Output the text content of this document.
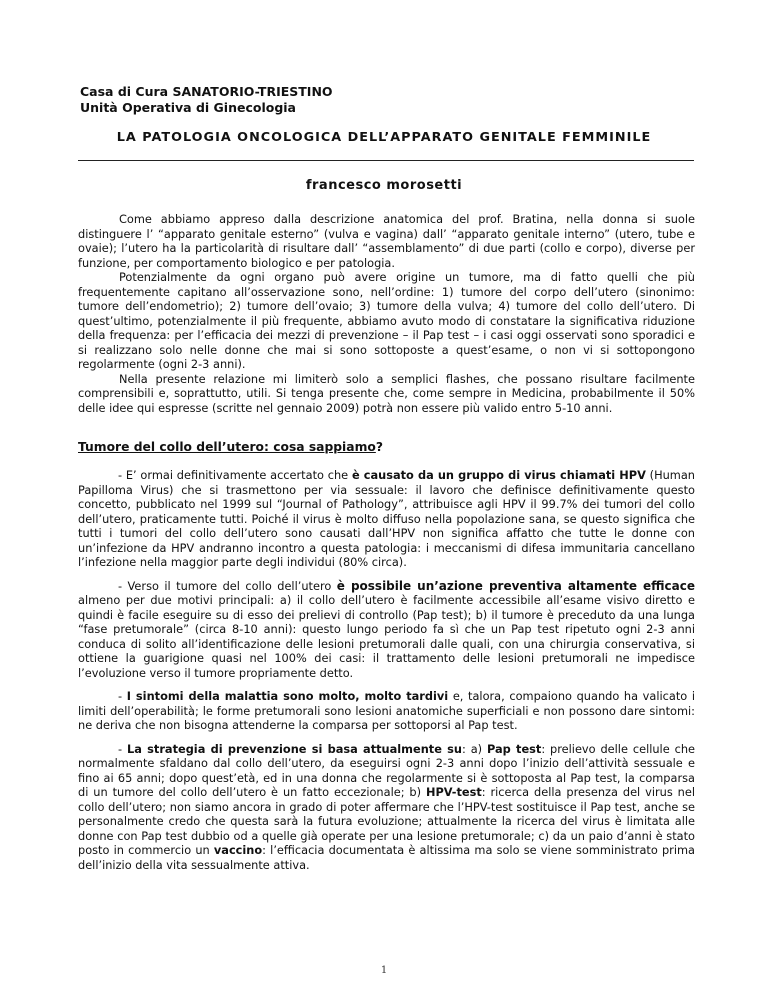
Casa di Cura SANATORIO-TRIESTINO
Unità Operativa di Ginecologia
LA PATOLOGIA ONCOLOGICA DELL’APPARATO GENITALE FEMMINILE
francesco morosetti

Come abbiamo appreso dalla descrizione anatomica del prof. Bratina, nella donna si suole distinguere l’ “apparato genitale esterno” (vulva e vagina) dall’ “apparato genitale interno” (utero, tube e ovaie); l’utero ha la particolarità di risultare dall’ “assemblamento” di due parti (collo e corpo), diverse per funzione, per comportamento biologico e per patologia.

Potenzialmente da ogni organo può avere origine un tumore, ma di fatto quelli che più frequentemente capitano all’osservazione sono, nell’ordine: 1) tumore del corpo dell’utero (sinonimo: tumore dell’endometrio); 2) tumore dell’ovaio; 3) tumore della vulva; 4) tumore del collo dell’utero. Di quest’ultimo, potenzialmente il più frequente, abbiamo avuto modo di constatare la significativa riduzione della frequenza: per l’efficacia dei mezzi di prevenzione – il Pap test – i casi oggi osservati sono sporadici e si realizzano solo nelle donne che mai si sono sottoposte a quest’esame, o non vi si sottopongono regolarmente (ogni 2-3 anni).

Nella presente relazione mi limiterò solo a semplici flashes, che possano risultare facilmente comprensibili e, soprattutto, utili. Si tenga presente che, come sempre in Medicina, probabilmente il 50% delle idee qui espresse (scritte nel gennaio 2009) potrà non essere più valido entro 5-10 anni.

Tumore del collo dell’utero: cosa sappiamo?

- E’ ormai definitivamente accertato che è causato da un gruppo di virus chiamati HPV (Human Papilloma Virus) che si trasmettono per via sessuale: il lavoro che definisce definitivamente questo concetto, pubblicato nel 1999 sul “Journal of Pathology”, attribuisce agli HPV il 99.7% dei tumori del collo dell’utero, praticamente tutti. Poiché il virus è molto diffuso nella popolazione sana, se questo significa che tutti i tumori del collo dell’utero sono causati dall’HPV non significa affatto che tutte le donne con un’infezione da HPV andranno incontro a questa patologia: i meccanismi di difesa immunitaria cancellano l’infezione nella maggior parte degli individui (80% circa).

- Verso il tumore del collo dell’utero è possibile un’azione preventiva altamente efficace almeno per due motivi principali: a) il collo dell’utero è facilmente accessibile all’esame visivo diretto e quindi è facile eseguire su di esso dei prelievi di controllo (Pap test); b) il tumore è preceduto da una lunga “fase pretumorale” (circa 8-10 anni): questo lungo periodo fa sì che un Pap test ripetuto ogni 2-3 anni conduca di solito all’identificazione delle lesioni pretumorali dalle quali, con una chirurgia conservativa, si ottiene la guarigione quasi nel 100% dei casi: il trattamento delle lesioni pretumorali ne impedisce l’evoluzione verso il tumore propriamente detto.

- I sintomi della malattia sono molto, molto tardivi e, talora, compaiono quando ha valicato i limiti dell’operabilità; le forme pretumorali sono lesioni anatomiche superficiali e non possono dare sintomi: ne deriva che non bisogna attenderne la comparsa per sottoporsi al Pap test.

- La strategia di prevenzione si basa attualmente su: a) Pap test: prelievo delle cellule che normalmente sfaldano dal collo dell’utero, da eseguirsi ogni 2-3 anni dopo l’inizio dell’attività sessuale e fino ai 65 anni; dopo quest’età, ed in una donna che regolarmente si è sottoposta al Pap test, la comparsa di un tumore del collo dell’utero è un fatto eccezionale; b) HPV-test: ricerca della presenza del virus nel collo dell’utero; non siamo ancora in grado di poter affermare che l’HPV-test sostituisce il Pap test, anche se personalmente credo che questa sarà la futura evoluzione; attualmente la ricerca del virus è limitata alle donne con Pap test dubbio od a quelle già operate per una lesione pretumorale; c) da un paio d’anni è stato posto in commercio un vaccino: l’efficacia documentata è altissima ma solo se viene somministrato prima dell’inizio della vita sessualmente attiva.

1
